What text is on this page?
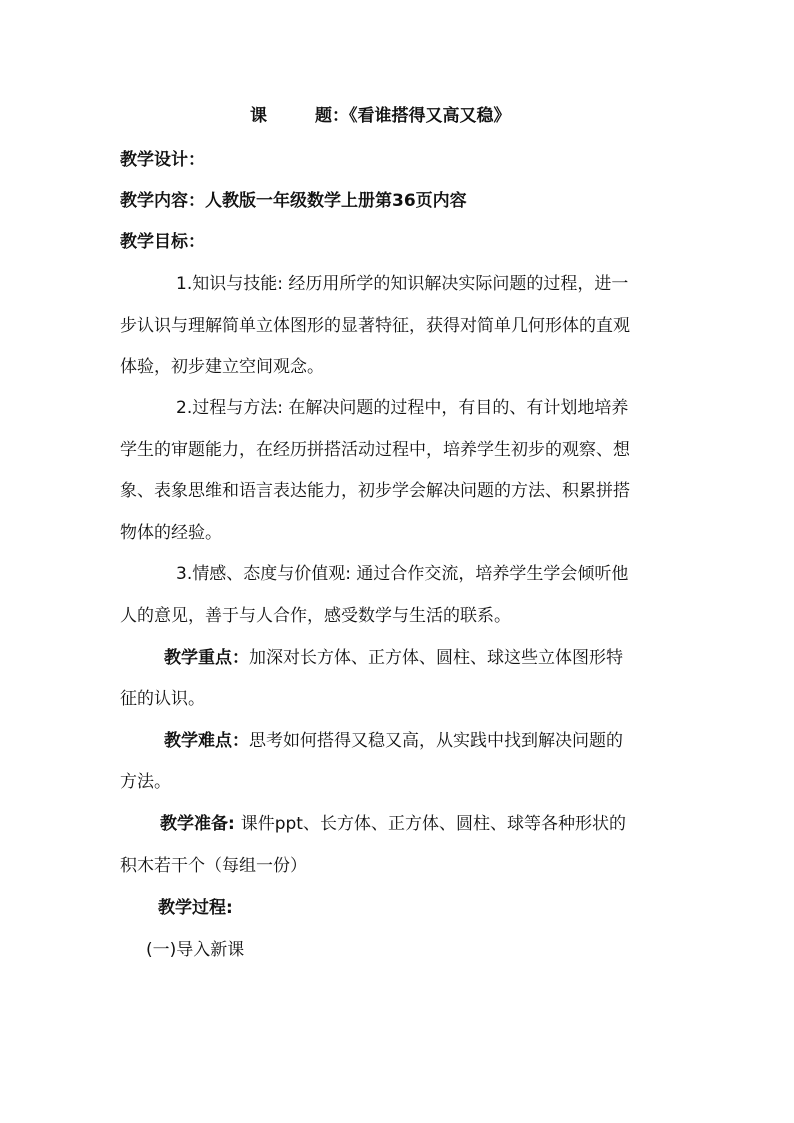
课	题：《看谁搭得又高又稳》
教学设计：
教学内容：人教版一年级数学上册第36页内容
教学目标：
1.知识与技能: 经历用所学的知识解决实际问题的过程，进一
步认识与理解简单立体图形的显著特征，获得对简单几何形体的直观
体验，初步建立空间观念。
2.过程与方法: 在解决问题的过程中，有目的、有计划地培养
学生的审题能力，在经历拼搭活动过程中，培养学生初步的观察、想
象、表象思维和语言表达能力，初步学会解决问题的方法、积累拼搭
物体的经验。
3.情感、态度与价值观: 通过合作交流，培养学生学会倾听他
人的意见，善于与人合作，感受数学与生活的联系。
教学重点：加深对长方体、正方体、圆柱、球这些立体图形特
征的认识。
教学难点：思考如何搭得又稳又高，从实践中找到解决问题的
方法。
教学准备: 课件ppt、长方体、正方体、圆柱、球等各种形状的
积木若干个（每组一份）
教学过程:
(一)导入新课
